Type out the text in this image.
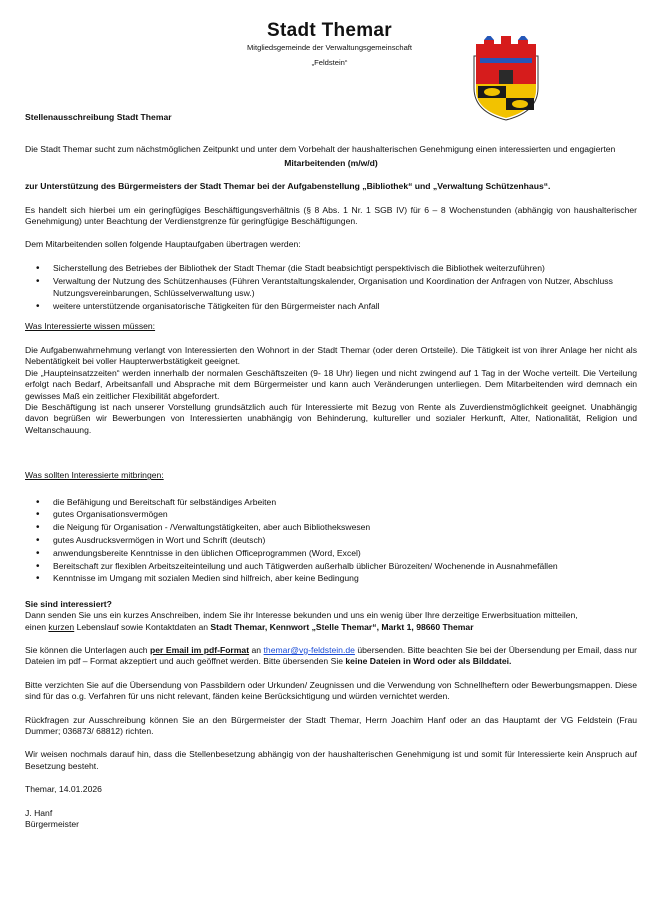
Stadt Themar
Mitgliedsgemeinde der Verwaltungsgemeinschaft
„Feldstein“

Stellenausschreibung Stadt Themar

Die Stadt Themar sucht zum nächstmöglichen Zeitpunkt und unter dem Vorbehalt der haushalterischen Genehmigung einen interessierten und engagierten

Mitarbeitenden (m/w/d)

zur Unterstützung des Bürgermeisters der Stadt Themar bei der Aufgabenstellung „Bibliothek“ und „Verwaltung Schützenhaus“.

Es handelt sich hierbei um ein geringfügiges Beschäftigungsverhältnis (§ 8 Abs. 1 Nr. 1 SGB IV) für 6 – 8 Wochenstunden (abhängig von haushalterischer Genehmigung) unter Beachtung der Verdienstgrenze für geringfügige Beschäftigungen.

Dem Mitarbeitenden sollen folgende Hauptaufgaben übertragen werden:

• Sicherstellung des Betriebes der Bibliothek der Stadt Themar (die Stadt beabsichtigt perspektivisch die Bibliothek weiterzuführen)
• Verwaltung der Nutzung des Schützenhauses (Führen Verantstaltungskalender, Organisation und Koordination der Anfragen von Nutzer, Abschluss Nutzungsvereinbarungen, Schlüsselverwaltung usw.)
• weitere unterstützende organisatorische Tätigkeiten für den Bürgermeister nach Anfall

Was Interessierte wissen müssen:

Die Aufgabenwahrnehmung verlangt von Interessierten den Wohnort in der Stadt Themar (oder deren Ortsteile). Die Tätigkeit ist von ihrer Anlage her nicht als Nebentätigkeit bei voller Haupterwerbstätigkeit geeignet.

Die „Haupteinsatzzeiten“ werden innerhalb der normalen Geschäftszeiten (9- 18 Uhr) liegen und nicht zwingend auf 1 Tag in der Woche verteilt. Die Verteilung erfolgt nach Bedarf, Arbeitsanfall und Absprache mit dem Bürgermeister und kann auch Veränderungen unterliegen. Dem Mitarbeitenden wird demnach ein gewisses Maß ein zeitlicher Flexibilität abgefordert.

Die Beschäftigung ist nach unserer Vorstellung grundsätzlich auch für Interessierte mit Bezug von Rente als Zuverdienstmöglichkeit geeignet. Unabhängig davon begrüßen wir Bewerbungen von Interessierten unabhängig von Behinderung, kultureller und sozialer Herkunft, Alter, Nationalität, Religion und Weltanschauung.

Was sollten Interessierte mitbringen:

• die Befähigung und Bereitschaft für selbständiges Arbeiten
• gutes Organisationsvermögen
• die Neigung für Organisation - /Verwaltungstätigkeiten, aber auch Bibliothekswesen
• gutes Ausdrucksvermögen in Wort und Schrift (deutsch)
• anwendungsbereite Kenntnisse in den üblichen Officeprogrammen (Word, Excel)
• Bereitschaft zur flexiblen Arbeitszeiteinteilung und auch Tätigwerden außerhalb üblicher Bürozeiten/ Wochenende in Ausnahmefällen
• Kenntnisse im Umgang mit sozialen Medien sind hilfreich, aber keine Bedingung

Sie sind interessiert?

Dann senden Sie uns ein kurzes Anschreiben, indem Sie ihr Interesse bekunden und uns ein wenig über Ihre derzeitige Erwerbsituation mitteilen,

einen kurzen Lebenslauf sowie Kontaktdaten an Stadt Themar, Kennwort „Stelle Themar“, Markt 1, 98660 Themar

Sie können die Unterlagen auch per Email im pdf-Format an themar@vg-feldstein.de übersenden. Bitte beachten Sie bei der Übersendung per Email, dass nur Dateien im pdf – Format akzeptiert und auch geöffnet werden. Bitte übersenden Sie keine Dateien in Word oder als Bilddatei.

Bitte verzichten Sie auf die Übersendung von Passbildern oder Urkunden/ Zeugnissen und die Verwendung von Schnellheftern oder Bewerbungsmappen. Diese sind für das o.g. Verfahren für uns nicht relevant, fänden keine Berücksichtigung und würden vernichtet werden.

Rückfragen zur Ausschreibung können Sie an den Bürgermeister der Stadt Themar, Herrn Joachim Hanf oder an das Hauptamt der VG Feldstein (Frau Dummer; 036873/ 68812) richten.

Wir weisen nochmals darauf hin, dass die Stellenbesetzung abhängig von der haushalterischen Genehmigung ist und somit für Interessierte kein Anspruch auf Besetzung besteht.

Themar, 14.01.2026

J. Hanf

Bürgermeister
